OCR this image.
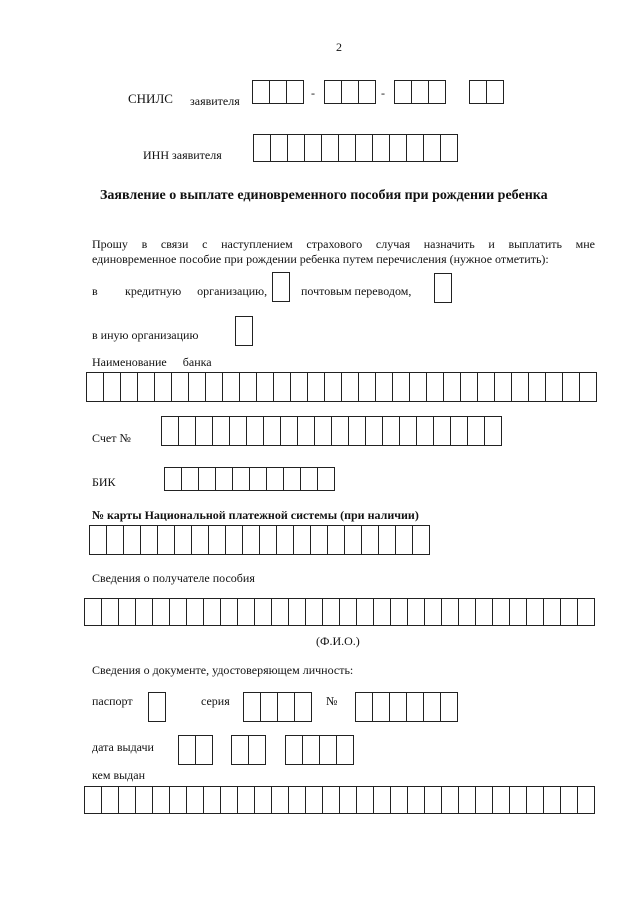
2
СНИЛС заявителя
-	-
ИНН заявителя
Заявление о выплате единовременного пособия при рождении ребенка
Прошу в связи с наступлением страхового случая назначить и выплатить мне
единовременное пособие при рождении ребенка путем перечисления (нужное отметить):
в кредитную организацию,	почтовым переводом,
в иную организацию
Наименование банка
Счет №
БИК
№ карты Национальной платежной системы (при наличии)
Сведения о получателе пособия
(Ф.И.О.)
Сведения о документе, удостоверяющем личность:
паспорт	серия	№
дата выдачи
кем выдан
